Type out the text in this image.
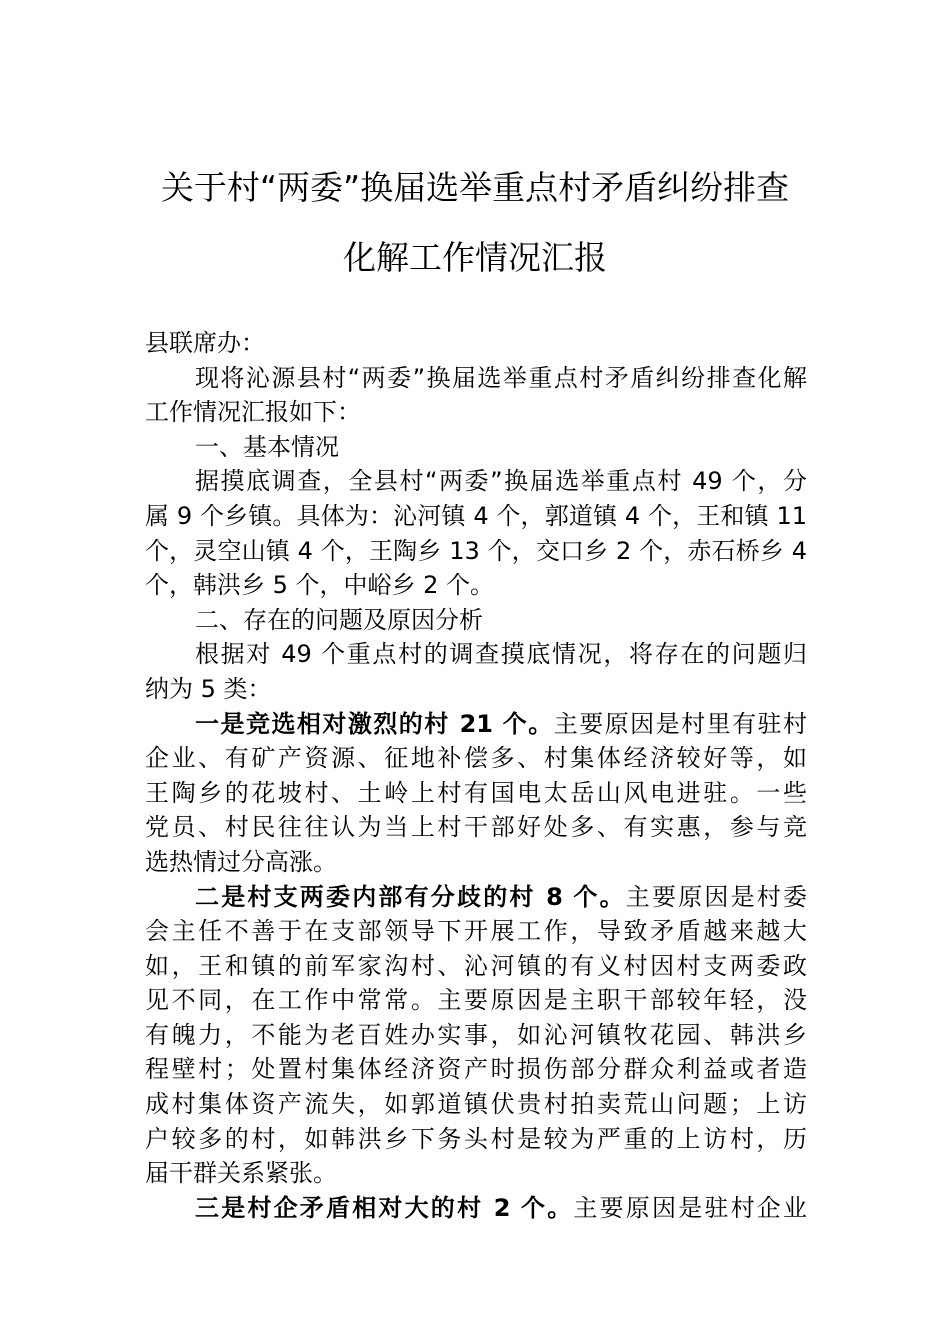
关于村“两委”换届选举重点村矛盾纠纷排查
化解工作情况汇报
县联席办：
现将沁源县村“两委”换届选举重点村矛盾纠纷排查化解
工作情况汇报如下：
一、基本情况
据摸底调查，全县村“两委”换届选举重点村 49 个，分
属 9 个乡镇。具体为：沁河镇 4 个，郭道镇 4 个，王和镇 11
个，灵空山镇 4 个，王陶乡 13 个，交口乡 2 个，赤石桥乡 4
个，韩洪乡 5 个，中峪乡 2 个。
二、存在的问题及原因分析
根据对 49 个重点村的调查摸底情况，将存在的问题归
纳为 5 类：
一是竞选相对激烈的村 21 个。主要原因是村里有驻村
企业、有矿产资源、征地补偿多、村集体经济较好等，如
王陶乡的花坡村、土岭上村有国电太岳山风电进驻。一些
党员、村民往往认为当上村干部好处多、有实惠，参与竞
选热情过分高涨。
二是村支两委内部有分歧的村 8 个。主要原因是村委
会主任不善于在支部领导下开展工作，导致矛盾越来越大
如，王和镇的前军家沟村、沁河镇的有义村因村支两委政
见不同，在工作中常常。主要原因是主职干部较年轻，没
有魄力，不能为老百姓办实事，如沁河镇牧花园、韩洪乡
程壁村；处置村集体经济资产时损伤部分群众利益或者造
成村集体资产流失，如郭道镇伏贵村拍卖荒山问题；上访
户较多的村，如韩洪乡下务头村是较为严重的上访村，历
届干群关系紧张。
三是村企矛盾相对大的村 2 个。主要原因是驻村企业
